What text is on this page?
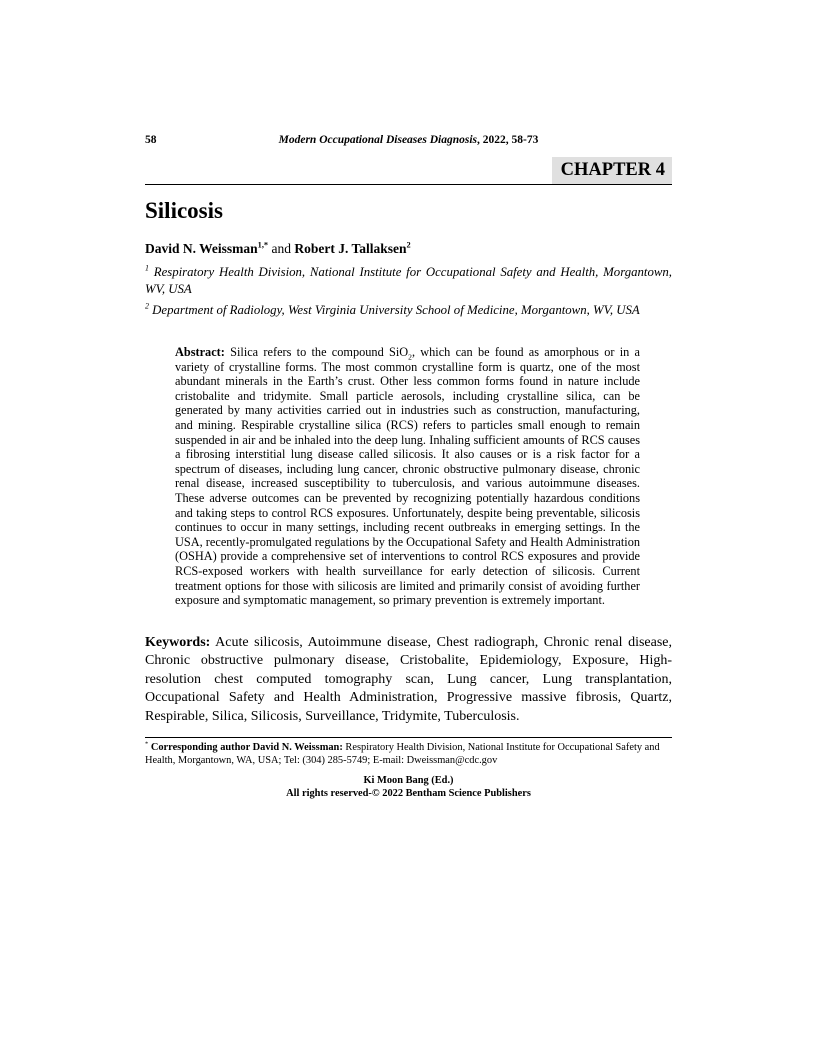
58	Modern Occupational Diseases Diagnosis, 2022, 58-73
CHAPTER 4
Silicosis

David N. Weissman$^{1,*}$ and Robert J. Tallaksen$^2$

$^1$ Respiratory Health Division, National Institute for Occupational Safety and Health, Morgantown, WV, USA

$^2$ Department of Radiology, West Virginia University School of Medicine, Morgantown, WV, USA

Abstract: Silica refers to the compound SiO$_2$, which can be found as amorphous or in a variety of crystalline forms. The most common crystalline form is quartz, one of the most abundant minerals in the Earth’s crust. Other less common forms found in nature include cristobalite and tridymite. Small particle aerosols, including crystalline silica, can be generated by many activities carried out in industries such as construction, manufacturing, and mining. Respirable crystalline silica (RCS) refers to particles small enough to remain suspended in air and be inhaled into the deep lung. Inhaling sufficient amounts of RCS causes a fibrosing interstitial lung disease called silicosis. It also causes or is a risk factor for a spectrum of diseases, including lung cancer, chronic obstructive pulmonary disease, chronic renal disease, increased susceptibility to tuberculosis, and various autoimmune diseases. These adverse outcomes can be prevented by recognizing potentially hazardous conditions and taking steps to control RCS exposures. Unfortunately, despite being preventable, silicosis continues to occur in many settings, including recent outbreaks in emerging settings. In the USA, recently-promulgated regulations by the Occupational Safety and Health Administration (OSHA) provide a comprehensive set of interventions to control RCS exposures and provide RCS-exposed workers with health surveillance for early detection of silicosis. Current treatment options for those with silicosis are limited and primarily consist of avoiding further exposure and symptomatic management, so primary prevention is extremely important.

Keywords: Acute silicosis, Autoimmune disease, Chest radiograph, Chronic renal disease, Chronic obstructive pulmonary disease, Cristobalite, Epidemiology, Exposure, High-resolution chest computed tomography scan, Lung cancer, Lung transplantation, Occupational Safety and Health Administration, Progressive massive fibrosis, Quartz, Respirable, Silica, Silicosis, Surveillance, Tridymite, Tuberculosis.

* Corresponding author David N. Weissman: Respiratory Health Division, National Institute for Occupational Safety and Health, Morgantown, WA, USA; Tel: (304) 285-5749; E-mail: Dweissman@cdc.gov

Ki Moon Bang (Ed.)

All rights reserved-© 2022 Bentham Science Publishers
